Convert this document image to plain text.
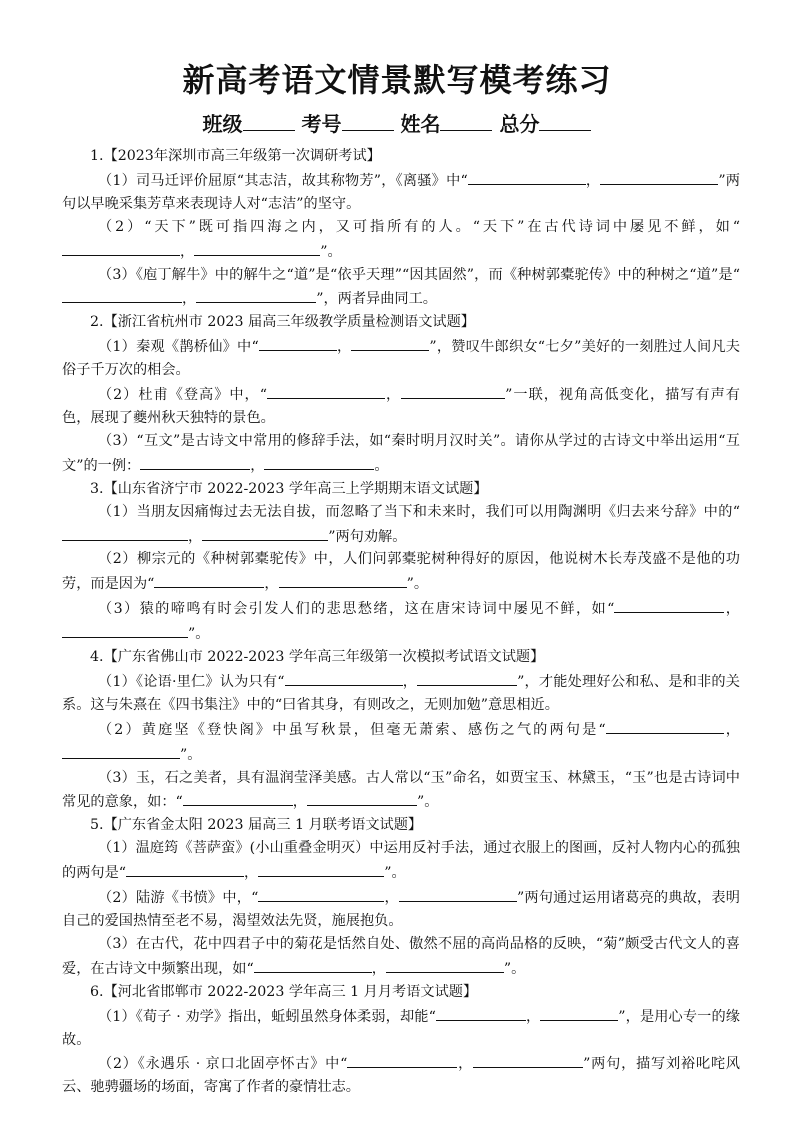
新高考语文情景默写模考练习
班级	考号	姓名	总分

1.【2023年深圳市高三年级第一次调研考试】

（1）司马迁评价屈原“其志洁，故其称物芳”，《离骚》中“	，	”两句以早晚采集芳草来表现诗人对“志洁”的坚守。

（2）“天下”既可指四海之内，又可指所有的人。“天下”在古代诗词中屡见不鲜，如“，	”。

（3）《庖丁解牛》中的解牛之“道”是“依乎天理”“因其固然”，而《种树郭橐驼传》中的种树之“道”是“，	”，两者异曲同工。

2.【浙江省杭州市 2023 届高三年级教学质量检测语文试题】

（1）秦观《鹊桥仙》中“	，	”，赞叹牛郎织女“七夕”美好的一刻胜过人间凡夫俗子千万次的相会。

（2）杜甫《登高》中，“	，	”一联，视角高低变化，描写有声有色，展现了夔州秋天独特的景色。

（3）“互文”是古诗文中常用的修辞手法，如“秦时明月汉时关”。请你从学过的古诗文中举出运用“互文”的一例：	，	。

3.【山东省济宁市 2022-2023 学年高三上学期期末语文试题】

（1）当朋友因痛悔过去无法自拔，而忽略了当下和未来时，我们可以用陶渊明《归去来兮辞》中的“，	”两句劝解。

（2）柳宗元的《种树郭橐驼传》中，人们问郭橐驼树种得好的原因，他说树木长寿茂盛不是他的功劳，而是因为“	，	”。

（3）猿的啼鸣有时会引发人们的悲思愁绪，这在唐宋诗词中屡见不鲜，如“	，”。

4.【广东省佛山市 2022-2023 学年高三年级第一次模拟考试语文试题】

（1）《论语·里仁》认为只有“	，	”，才能处理好公和私、是和非的关系。这与朱熹在《四书集注》中的“曰省其身，有则改之，无则加勉”意思相近。

（2）黄庭坚《登快阁》中虽写秋景，但毫无萧索、感伤之气的两句是“	，”。

（3）玉，石之美者，具有温润莹泽美感。古人常以“玉”命名，如贾宝玉、林黛玉，“玉”也是古诗词中常见的意象，如：“	，	”。

5.【广东省金太阳 2023 届高三 1 月联考语文试题】

（1）温庭筠《菩萨蛮》(小山重叠金明灭）中运用反衬手法，通过衣服上的图画，反衬人物内心的孤独的两句是“	，	”。

（2）陆游《书愤》中，“	，	”两句通过运用诸葛亮的典故，表明自己的爱国热情至老不易，渴望效法先贤，施展抱负。

（3）在古代，花中四君子中的菊花是恬然自处、傲然不屈的高尚品格的反映，“菊”颇受古代文人的喜爱，在古诗文中频繁出现，如“	，	”。

6.【河北省邯郸市 2022-2023 学年高三 1 月月考语文试题】

（1）《荀子 · 劝学》指出，蚯蚓虽然身体柔弱，却能“	，	”，是用心专一的缘故。

（2）《永遇乐 · 京口北固亭怀古》中“	，	”两句，描写刘裕叱咤风云、驰骋疆场的场面，寄寓了作者的豪情壮志。
